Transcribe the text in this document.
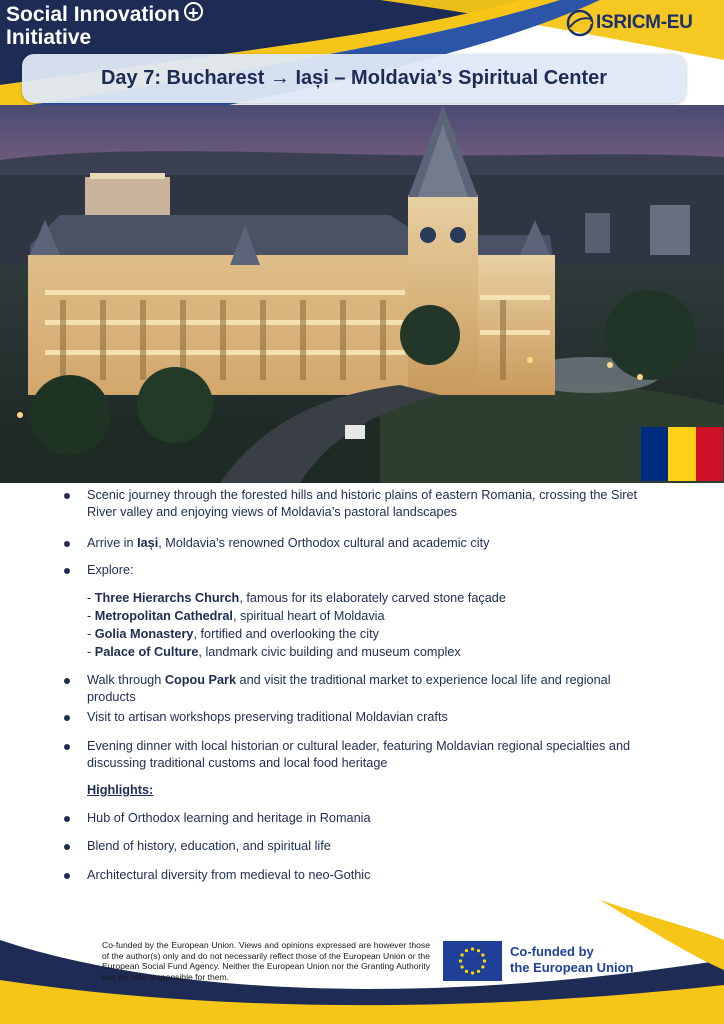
Social Innovation +
Initiative
ISRICM-EU
Day 7: Bucharest → Iași – Moldavia’s Spiritual Center
Scenic journey through the forested hills and historic plains of eastern Romania, crossing the Siret River valley and enjoying views of Moldavia’s pastoral landscapes
Arrive in Iași, Moldavia’s renowned Orthodox cultural and academic city
Explore:
- Three Hierarchs Church, famous for its elaborately carved stone façade
- Metropolitan Cathedral, spiritual heart of Moldavia
- Golia Monastery, fortified and overlooking the city
- Palace of Culture, landmark civic building and museum complex
Walk through Copou Park and visit the traditional market to experience local life and regional products
Visit to artisan workshops preserving traditional Moldavian crafts
Evening dinner with local historian or cultural leader, featuring Moldavian regional specialties and discussing traditional customs and local food heritage
Highlights:
Hub of Orthodox learning and heritage in Romania
Blend of history, education, and spiritual life
Architectural diversity from medieval to neo-Gothic
Co-funded by the European Union. Views and opinions expressed are however those of the author(s) only and do not necessarily reflect those of the European Union or the European Social Fund Agency. Neither the European Union nor the Granting Authority can be held responsible for them.
Co-funded by
the European Union
